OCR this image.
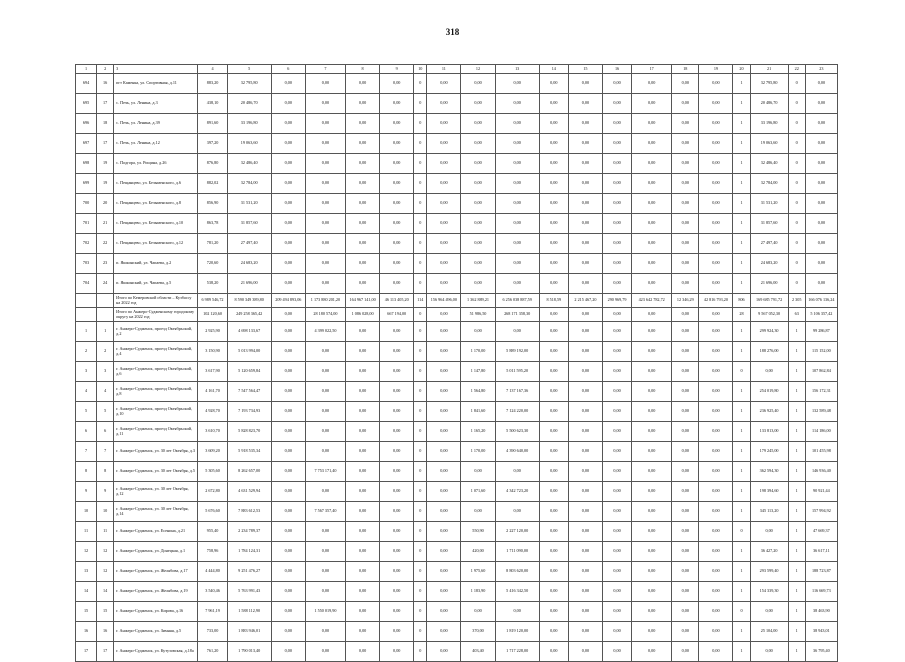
318
1	2	3	4	5	6	7	8	9	10	11	12	13	14	15	16	17	18	19	20	21	22	23
694	16	пгт Каменка, ул. Спортивная, д.11	883,20	32 795,80	0,00	0,00	0,00	0,00	0	0,00	0,00	0,00	0,00	0,00	0,00	0,00	0,00	0,00	1	32 795,80	0	0,00
695	17	с. Печь, ул. Ленина, д.3	438,10	20 486,70	0,00	0,00	0,00	0,00	0	0,00	0,00	0,00	0,00	0,00	0,00	0,00	0,00	0,00	1	20 486,70	0	0,00
696	18	с. Печь, ул. Ленина, д.39	891,60	33 196,80	0,00	0,00	0,00	0,00	0	0,00	0,00	0,00	0,00	0,00	0,00	0,00	0,00	0,00	1	33 196,80	0	0,00
697	17	с. Печь, ул. Ленина, д.12	397,20	19 063,60	0,00	0,00	0,00	0,00	0	0,00	0,00	0,00	0,00	0,00	0,00	0,00	0,00	0,00	1	19 063,60	0	0,00
698	19	с. Подгора, ул. Рощина, д.26	876,80	32 486,40	0,00	0,00	0,00	0,00	0	0,00	0,00	0,00	0,00	0,00	0,00	0,00	0,00	0,00	1	32 486,40	0	0,00
699	19	с. Пещанцево, ул. Безыменского, д.6	882,02	32 784,00	0,00	0,00	0,00	0,00	0	0,00	0,00	0,00	0,00	0,00	0,00	0,00	0,00	0,00	1	32 784,00	0	0,00
700	20	с. Пещанцево, ул. Безыменского, д.8	856,90	31 531,20	0,00	0,00	0,00	0,00	0	0,00	0,00	0,00	0,00	0,00	0,00	0,00	0,00	0,00	1	31 531,20	0	0,00
701	21	с. Пещанцево, ул. Безыменского, д.10	863,78	31 857,60	0,00	0,00	0,00	0,00	0	0,00	0,00	0,00	0,00	0,00	0,00	0,00	0,00	0,00	1	31 857,60	0	0,00
702	22	с. Пещанцево, ул. Безыменского, д.12	781,20	27 497,40	0,00	0,00	0,00	0,00	0	0,00	0,00	0,00	0,00	0,00	0,00	0,00	0,00	0,00	1	27 497,40	0	0,00
703	23	п. Яшкинский, ул. Чапаева, д.2	720,60	24 683,20	0,00	0,00	0,00	0,00	0	0,00	0,00	0,00	0,00	0,00	0,00	0,00	0,00	0,00	1	24 683,20	0	0,00
704	24	п. Яшкинский, ул. Чапаева, д.5	538,20	21 696,00	0,00	0,00	0,00	0,00	0	0,00	0,00	0,00	0,00	0,00	0,00	0,00	0,00	0,00	1	21 696,00	0	0,00
		Итого по Кемеровской области – Кузбассу на 2022 год	6 989 546,72	8 590 349 389,80	209 494 893,06	1 173 880 201,20	164 967 141,00	46 113 405,20	114	156 964 496,00	1 362 889,21	6 256 038 887,59	8 518,59	2 215 467,20	290 969,79	423 642 782,72	12 346,29	42 816 793,20	806	169 685 791,72	2 305	166 076 136,24
		Итого по Анжеро-Судженскому городскому округу на 2022 год	102 120,60	249 258 365,42	0,00	28 180 574,00	1 086 028,00	667 194,00	0	0,00	51 986,50	268 171 358,30	0,00	0,00	0,00	0,00	0,00	0,00	28	9 567 052,30	63	5 106 357,42
1	1	г. Анжеро-Судженск, проезд Октябрьский, д.2	2 925,90	4 698 133,67	0,00	4 399 022,50	0,00	0,00	0	0,00	0,00	0,00	0,00	0,00	0,00	0,00	0,00	0,00	1	299 924,30	1	99 286,87
2	2	г. Анжеро-Судженск, проезд Октябрьский, д.4	3 150,90	5 013 994,00	0,00	0,00	0,00	0,00	0	0,00	1 170,00	5 889 192,00	0,00	0,00	0,00	0,00	0,00	0,00	1	188 276,00	1	115 152,00
3	3	г. Анжеро-Судженск, проезд Октябрьский, д.6	3 617,90	5 120 659,84	0,00	0,00	0,00	0,00	0	0,00	1 147,80	5 011 595,20	0,00	0,00	0,00	0,00	0,00	0,00	0	0,00	1	107 862,84
4	4	г. Анжеро-Судженск, проезд Октябрьский, д.8	4 161,70	7 547 564,47	0,00	0,00	0,00	0,00	0	0,00	1 564,80	7 137 167,36	0,00	0,00	0,00	0,00	0,00	0,00	1	254 019,80	1	156 172,31
5	5	г. Анжеро-Судженск, проезд Октябрьский, д.10	4 928,70	7 193 734,93	0,00	0,00	0,00	0,00	0	0,00	1 841,60	7 124 220,00	0,00	0,00	0,00	0,00	0,00	0,00	1	236 925,40	1	132 589,48
6	6	г. Анжеро-Судженск, проезд Октябрьский, д.11	3 610,70	5 828 823,70	0,00	0,00	0,00	0,00	0	0,00	1 165,20	5 500 623,30	0,00	0,00	0,00	0,00	0,00	0,00	1	133 813,00	1	114 186,00
7	7	г. Анжеро-Судженск, ул. 30 лет Октября, д.3	3 609,20	5 918 535,34	0,00	0,00	0,00	0,00	0	0,00	1 170,00	4 390 640,00	0,00	0,00	0,00	0,00	0,00	0,00	1	179 245,00	1	101 455,98
8	8	г. Анжеро-Судженск, ул. 30 лет Октября, д.5	5 305,60	8 262 657,00	0,00	7 753 171,40	0,00	0,00	0	0,00	0,00	0,00	0,00	0,00	0,00	0,00	0,00	0,00	1	362 594,30	1	146 936,40
9	9	г. Анжеро-Судженск, ул. 30 лет Октября, д.12	2 672,80	4 631 529,94	0,00	0,00	0,00	0,00	0	0,00	1 071,60	4 342 723,20	0,00	0,00	0,00	0,00	0,00	0,00	1	198 394,60	1	90 921,44
10	10	г. Анжеро-Судженск, ул. 30 лет Октября, д.14	5 676,60	7 883 612,53	0,00	7 567 357,40	0,00	0,00	0	0,00	0,00	0,00	0,00	0,00	0,00	0,00	0,00	0,00	1	345 113,20	1	157 994,92
11	11	г. Анжеро-Судженск, ул. Есенина, д.21	955,40	2 234 789,37	0,00	0,00	0,00	0,00	0	0,00	550,90	2 227 120,00	0,00	0,00	0,00	0,00	0,00	0,00	0	0,00	1	47 669,37
12	12	г. Анжеро-Судженск, ул. Донецкая, д.1	758,96	1 784 124,31	0,00	0,00	0,00	0,00	0	0,00	420,00	1 711 090,00	0,00	0,00	0,00	0,00	0,00	0,00	1	36 427,20	1	36 617,11
13	12	г. Анжеро-Судженск, ул. Желябова, д.17	4 444,80	9 251 476,27	0,00	0,00	0,00	0,00	0	0,00	1 975,60	8 803 620,00	0,00	0,00	0,00	0,00	0,00	0,00	1	293 599,40	1	188 723,87
14	14	г. Анжеро-Судженск, ул. Желябова, д.19	3 540,46	5 763 991,43	0,00	0,00	0,00	0,00	0	0,00	1 183,90	5 416 342,50	0,00	0,00	0,00	0,00	0,00	0,00	1	154 339,30	1	116 669,73
15	15	г. Анжеро-Судженск, ул. Кирова, д.16	7 961,19	1 588 112,90	0,00	1 550 019,90	0,00	0,00	0	0,00	0,00	0,00	0,00	0,00	0,00	0,00	0,00	0,00	0	0,00	1	38 463,90
16	16	г. Анжеро-Судженск, ул. Зимняя, д.5	733,00	1 883 946,01	0,00	0,00	0,00	0,00	0	0,00	370,00	1 819 120,00	0,00	0,00	0,00	0,00	0,00	0,00	1	25 104,00	1	38 943,01
17	17	г. Анжеро-Судженск, ул. Кутузовская, д.18а	761,20	1 790 013,40	0,00	0,00	0,00	0,00	0	0,00	403,40	1 717 228,00	0,00	0,00	0,00	0,00	0,00	0,00	1	0,00	1	36 795,40
